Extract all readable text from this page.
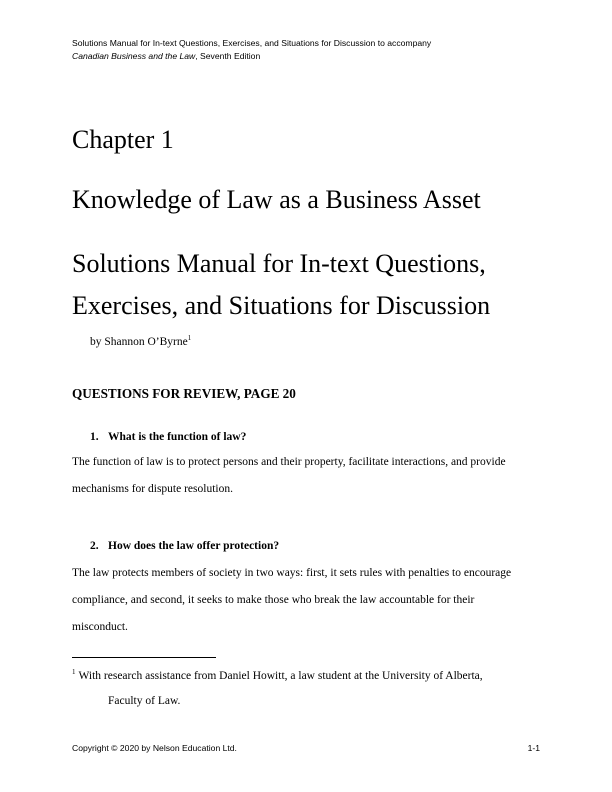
Solutions Manual for In-text Questions, Exercises, and Situations for Discussion to accompany
Canadian Business and the Law, Seventh Edition
Chapter 1
Knowledge of Law as a Business Asset
Solutions Manual for In-text Questions,
Exercises, and Situations for Discussion
by Shannon O’Byrne$^1$
QUESTIONS FOR REVIEW, PAGE 20
1. What is the function of law?
The function of law is to protect persons and their property, facilitate interactions, and provide
mechanisms for dispute resolution.
2. How does the law offer protection?
The law protects members of society in two ways: first, it sets rules with penalties to encourage
compliance, and second, it seeks to make those who break the law accountable for their
misconduct.
$^1$ With research assistance from Daniel Howitt, a law student at the University of Alberta,
Faculty of Law.
Copyright © 2020 by Nelson Education Ltd.	1-1
